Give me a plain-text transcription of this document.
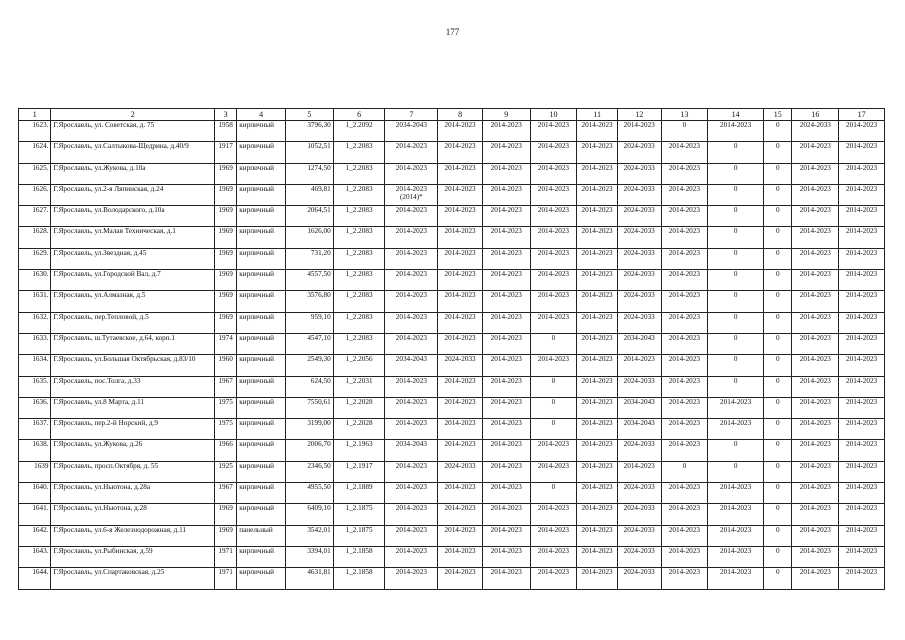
177
1	2	3	4	5	6	7	8	9	10	11	12	13	14	15	16	17
1623.	Г.Ярославль, ул. Советская, д. 75	1958	кирпичный	3796,30	1_2.2092	2034-2043	2014-2023	2014-2023	2014-2023	2014-2023	2014-2023	0	2014-2023	0	2024-2033	2014-2023
1624.	Г.Ярославль, ул.Салтыкова-Щедрина, д.40/9	1917	кирпичный	1052,51	1_2.2083	2014-2023	2014-2023	2014-2023	2014-2023	2014-2023	2024-2033	2014-2023	0	0	2014-2023	2014-2023
1625.	Г.Ярославль, ул.Жукова, д.10а	1969	кирпичный	1274,50	1_2.2083	2014-2023	2014-2023	2014-2023	2014-2023	2014-2023	2024-2033	2014-2023	0	0	2014-2023	2014-2023
1626.	Г.Ярославль, ул.2-я Ляпинская, д.24	1969	кирпичный	469,81	1_2.2083	2014-2023 (2014)*	2014-2023	2014-2023	2014-2023	2014-2023	2024-2033	2014-2023	0	0	2014-2023	2014-2023
1627.	Г.Ярославль, ул.Володарского, д.10а	1969	кирпичный	2064,51	1_2.2083	2014-2023	2014-2023	2014-2023	2014-2023	2014-2023	2024-2033	2014-2023	0	0	2014-2023	2014-2023
1628.	Г.Ярославль, ул.Малая Техническая, д.1	1969	кирпичный	1626,00	1_2.2083	2014-2023	2014-2023	2014-2023	2014-2023	2014-2023	2024-2033	2014-2023	0	0	2014-2023	2014-2023
1629.	Г.Ярославль, ул.Звездная, д.45	1969	кирпичный	731,20	1_2.2083	2014-2023	2014-2023	2014-2023	2014-2023	2014-2023	2024-2033	2014-2023	0	0	2014-2023	2014-2023
1630.	Г.Ярославль, ул.Городской Вал, д.7	1969	кирпичный	4557,50	1_2.2083	2014-2023	2014-2023	2014-2023	2014-2023	2014-2023	2024-2033	2014-2023	0	0	2014-2023	2014-2023
1631.	Г.Ярославль, ул.Алмазная, д.5	1969	кирпичный	3576,80	1_2.2083	2014-2023	2014-2023	2014-2023	2014-2023	2014-2023	2024-2033	2014-2023	0	0	2014-2023	2014-2023
1632.	Г.Ярославль, пер.Тепловой, д.5	1969	кирпичный	959,10	1_2.2083	2014-2023	2014-2023	2014-2023	2014-2023	2014-2023	2024-2033	2014-2023	0	0	2014-2023	2014-2023
1633.	Г.Ярославль, ш.Тутаевское, д.64, корп.1	1974	кирпичный	4547,10	1_2.2083	2014-2023	2014-2023	2014-2023	0	2014-2023	2034-2043	2014-2023	0	0	2014-2023	2014-2023
1634.	Г.Ярославль, ул.Большая Октябрьская, д.83/10	1960	кирпичный	2549,30	1_2.2056	2034-2043	2024-2033	2014-2023	2014-2023	2014-2023	2014-2023	2014-2023	0	0	2014-2023	2014-2023
1635.	Г.Ярославль, пос.Толга, д.33	1967	кирпичный	624,50	1_2.2031	2014-2023	2014-2023	2014-2023	0	2014-2023	2024-2033	2014-2023	0	0	2014-2023	2014-2023
1636.	Г.Ярославль, ул.8 Марта, д.11	1975	кирпичный	7550,61	1_2.2028	2014-2023	2014-2023	2014-2023	0	2014-2023	2034-2043	2014-2023	2014-2023	0	2014-2023	2014-2023
1637.	Г.Ярославль, пер.2-й Норский, д.9	1975	кирпичный	3199,00	1_2.2028	2014-2023	2014-2023	2014-2023	0	2014-2023	2034-2043	2014-2023	2014-2023	0	2014-2023	2014-2023
1638.	Г.Ярославль, ул.Жукова, д.26	1966	кирпичный	2006,70	1_2.1963	2034-2043	2014-2023	2014-2023	2014-2023	2014-2023	2024-2033	2014-2023	0	0	2014-2023	2014-2023
1639	Г.Ярославль, просп.Октября, д. 55	1925	кирпичный	2346,50	1_2.1917	2014-2023	2024-2033	2014-2023	2014-2023	2014-2023	2014-2023	0	0	0	2014-2023	2014-2023
1640.	Г.Ярославль, ул.Ньютона, д.28а	1967	кирпичный	4955,50	1_2.1889	2014-2023	2014-2023	2014-2023	0	2014-2023	2024-2033	2014-2023	2014-2023	0	2014-2023	2014-2023
1641.	Г.Ярославль, ул.Ньютона, д.28	1969	кирпичный	6409,10	1_2.1875	2014-2023	2014-2023	2014-2023	2014-2023	2014-2023	2024-2033	2014-2023	2014-2023	0	2014-2023	2014-2023
1642.	Г.Ярославль, ул.6-я Железнодорожная, д.11	1969	панельный	3542,01	1_2.1875	2014-2023	2014-2023	2014-2023	2014-2023	2014-2023	2024-2033	2014-2023	2014-2023	0	2014-2023	2014-2023
1643.	Г.Ярославль, ул.Рыбинская, д.59	1971	кирпичный	3394,01	1_2.1858	2014-2023	2014-2023	2014-2023	2014-2023	2014-2023	2024-2033	2014-2023	2014-2023	0	2014-2023	2014-2023
1644.	Г.Ярославль, ул.Спартаковская, д.25	1971	кирпичный	4631,81	1_2.1858	2014-2023	2014-2023	2014-2023	2014-2023	2014-2023	2024-2033	2014-2023	2014-2023	0	2014-2023	2014-2023
